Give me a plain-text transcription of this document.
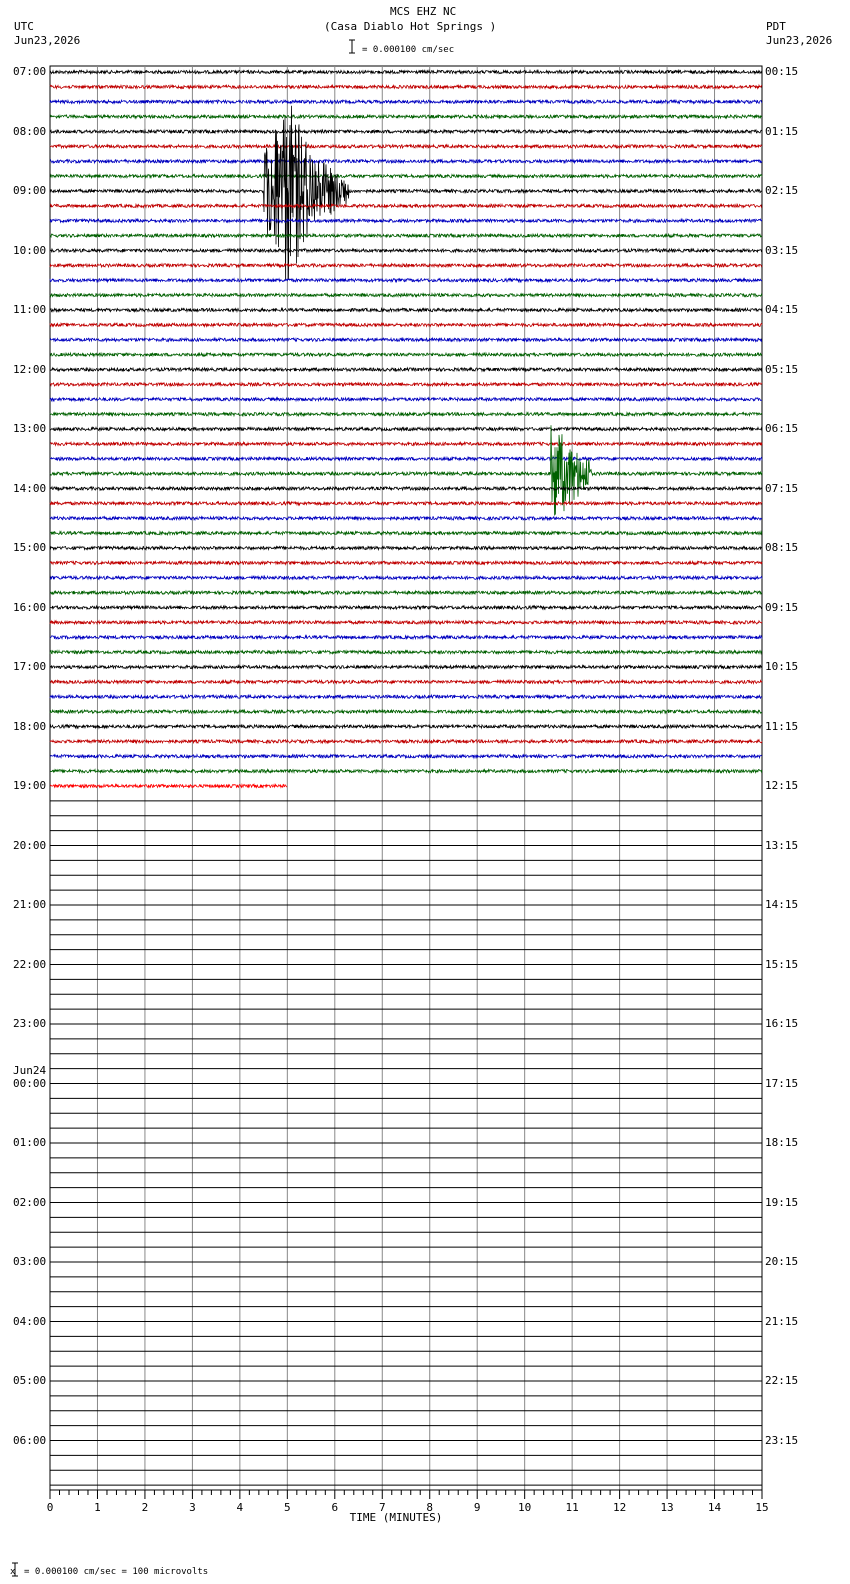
0	1	2	3	4	5	6	7	8	9	10	11	12	13	14	15
TIME (MINUTES)
MCS EHZ NC
(Casa Diablo Hot Springs )
= 0.000100 cm/sec
UTC
Jun23,2026
PDT
Jun23,2026
x = 0.000100 cm/sec = 100 microvolts
07:00	00:15
08:00	01:15
09:00	02:15
10:00	03:15
11:00	04:15
12:00	05:15
13:00	06:15
14:00	07:15
15:00	08:15
16:00	09:15
17:00	10:15
18:00	11:15
19:00	12:15
20:00	13:15
21:00	14:15
22:00	15:15
23:00	16:15
00:00	17:15
01:00	18:15
02:00	19:15
03:00	20:15
04:00	21:15
05:00	22:15
06:00	23:15
Jun24
